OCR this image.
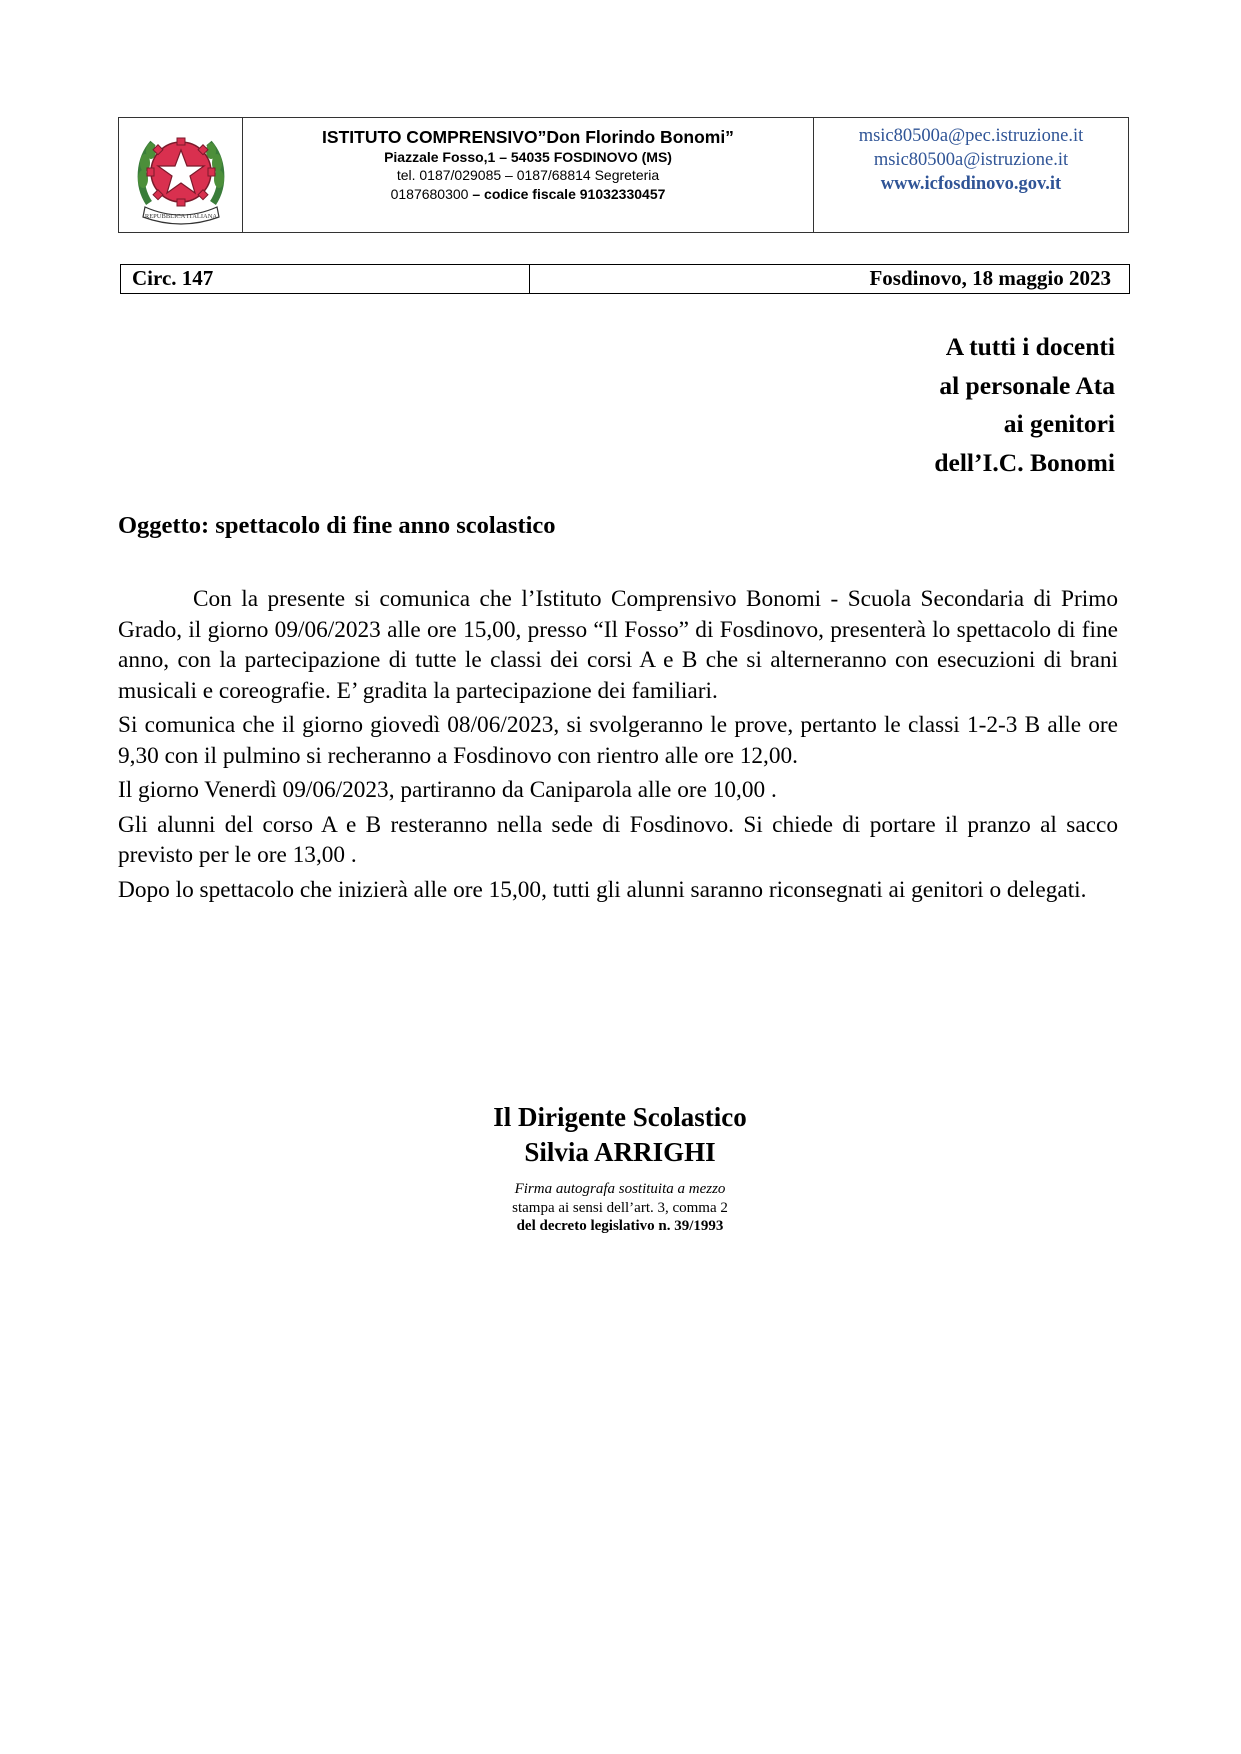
REPUBBLICA ITALIANA
ISTITUTO COMPRENSIVO”Don Florindo Bonomi”
Piazzale Fosso,1 – 54035 FOSDINOVO (MS)
tel. 0187/029085 – 0187/68814 Segreteria
0187680300 – codice fiscale 91032330457
msic80500a@pec.istruzione.it
msic80500a@istruzione.it
www.icfosdinovo.gov.it
Circ. 147	Fosdinovo, 18 maggio 2023
A tutti i docenti
al personale Ata
ai genitori
dell’I.C. Bonomi
Oggetto: spettacolo di fine anno scolastico

Con la presente si comunica che l’Istituto Comprensivo Bonomi - Scuola Secondaria di Primo Grado, il giorno 09/06/2023 alle ore 15,00, presso “Il Fosso” di Fosdinovo, presenterà lo spettacolo di fine anno, con la partecipazione di tutte le classi dei corsi A e B che si alterneranno con esecuzioni di brani musicali e coreografie. E’ gradita la partecipazione dei familiari.

Si comunica che il giorno giovedì 08/06/2023, si svolgeranno le prove, pertanto le classi 1-2-3 B alle ore 9,30 con il pulmino si recheranno a Fosdinovo con rientro alle ore 12,00.

Il giorno Venerdì 09/06/2023, partiranno da Caniparola alle ore 10,00 .

Gli alunni del corso A e B resteranno nella sede di Fosdinovo. Si chiede di portare il pranzo al sacco previsto per le ore 13,00 .

Dopo lo spettacolo che inizierà alle ore 15,00, tutti gli alunni saranno riconsegnati ai genitori o delegati.

Il Dirigente Scolastico
Silvia ARRIGHI
Firma autografa sostituita a mezzo
stampa ai sensi dell’art. 3, comma 2
del decreto legislativo n. 39/1993
